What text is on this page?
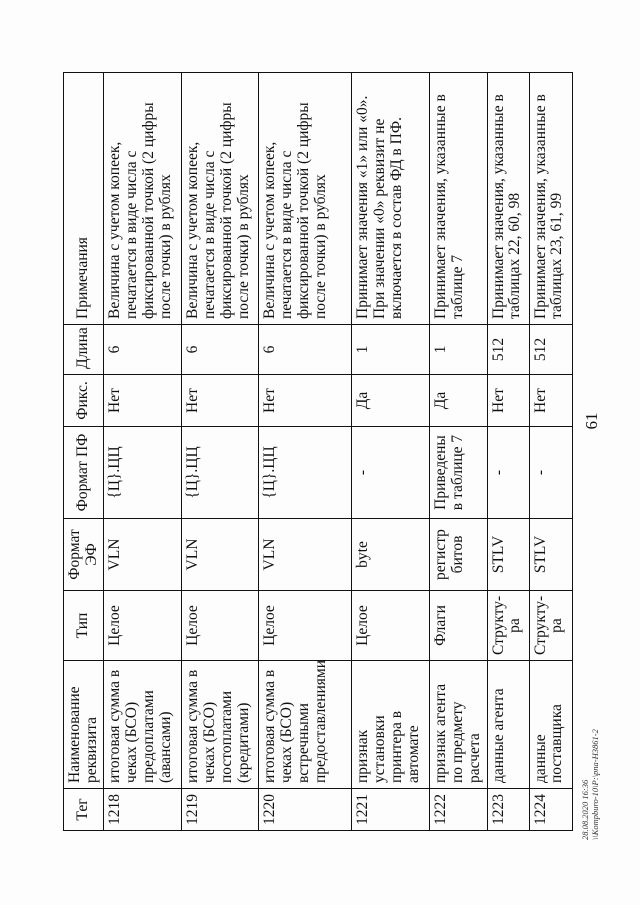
61
Тег	Наименование реквизита	Тип	Формат ЭФ	Формат ПФ	Фикс.	Длина	Примечания
1218	итоговая сумма в чеках (БСО) предоплатами (авансами)	Целое	VLN	{Ц}.ЦЦ	Нет	6	Величина с учетом копеек, печатается в виде числа с фиксированной точкой (2 цифры после точки) в рублях
1219	итоговая сумма в чеках (БСО) постоплатами (кредитами)	Целое	VLN	{Ц}.ЦЦ	Нет	6	Величина с учетом копеек, печатается в виде числа с фиксированной точкой (2 цифры после точки) в рублях
1220	итоговая сумма в чеках (БСО) встречными предоставлениями	Целое	VLN	{Ц}.ЦЦ	Нет	6	Величина с учетом копеек, печатается в виде числа с фиксированной точкой (2 цифры после точки) в рублях
1221	признак установки принтера в автомате	Целое	byte	-	Да	1	Принимает значения «1» или «0». При значении «0» реквизит не включается в состав ФД в ПФ.
1222	признак агента по предмету расчета	Флаги	регистр битов	Приведены в таблице 7	Да	1	Принимает значения, указанные в таблице 7
1223	данные агента	Структу-ра	STLV	-	Нет	512	Принимает значения, указанные в таблицах 22, 60, 98
1224	данные поставщика	Структу-ра	STLV	-	Нет	512	Принимает значения, указанные в таблицах 23, 61, 99
28.08.2020 16:36 \\Kompburo-10\Р:\рпа-Н3861-2
